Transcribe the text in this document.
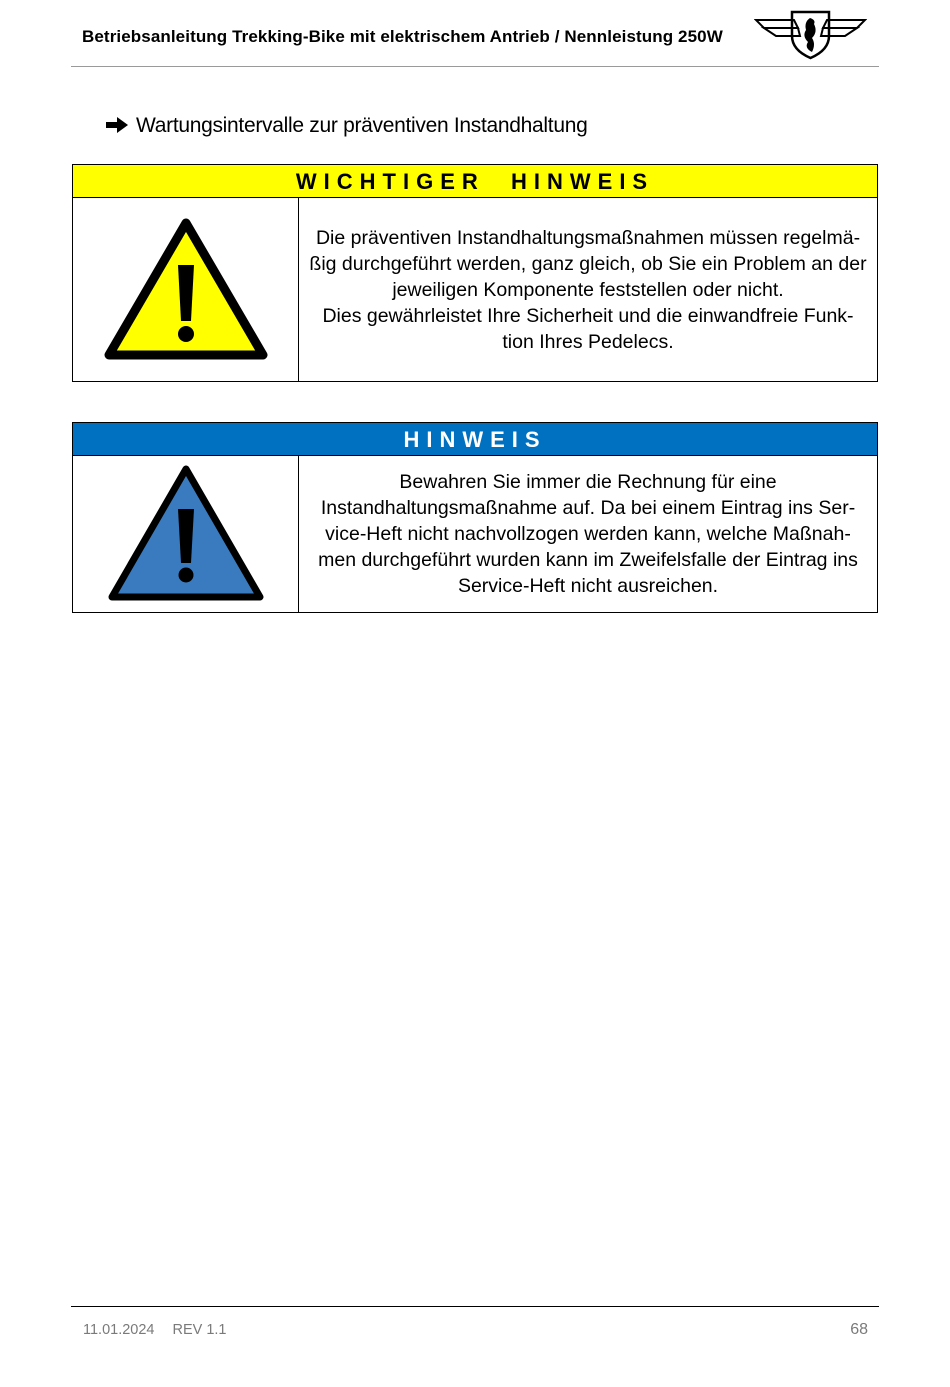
Betriebsanleitung Trekking-Bike mit elektrischem Antrieb / Nennleistung 250W
Wartungsintervalle zur präventiven Instandhaltung
WICHTIGER  HINWEIS
Die präventiven Instandhaltungsmaßnahmen müssen regelmä-
ßig durchgeführt werden, ganz gleich, ob Sie ein Problem an der
jeweiligen Komponente feststellen oder nicht.
Dies gewährleistet Ihre Sicherheit und die einwandfreie Funk-
tion Ihres Pedelecs.
HINWEIS
Bewahren Sie immer die Rechnung für eine
Instandhaltungsmaßnahme auf. Da bei einem Eintrag ins Ser-
vice-Heft nicht nachvollzogen werden kann, welche Maßnah-
men durchgeführt wurden kann im Zweifelsfalle der Eintrag ins
Service-Heft nicht ausreichen.
11.01.2024 REV 1.1	68
